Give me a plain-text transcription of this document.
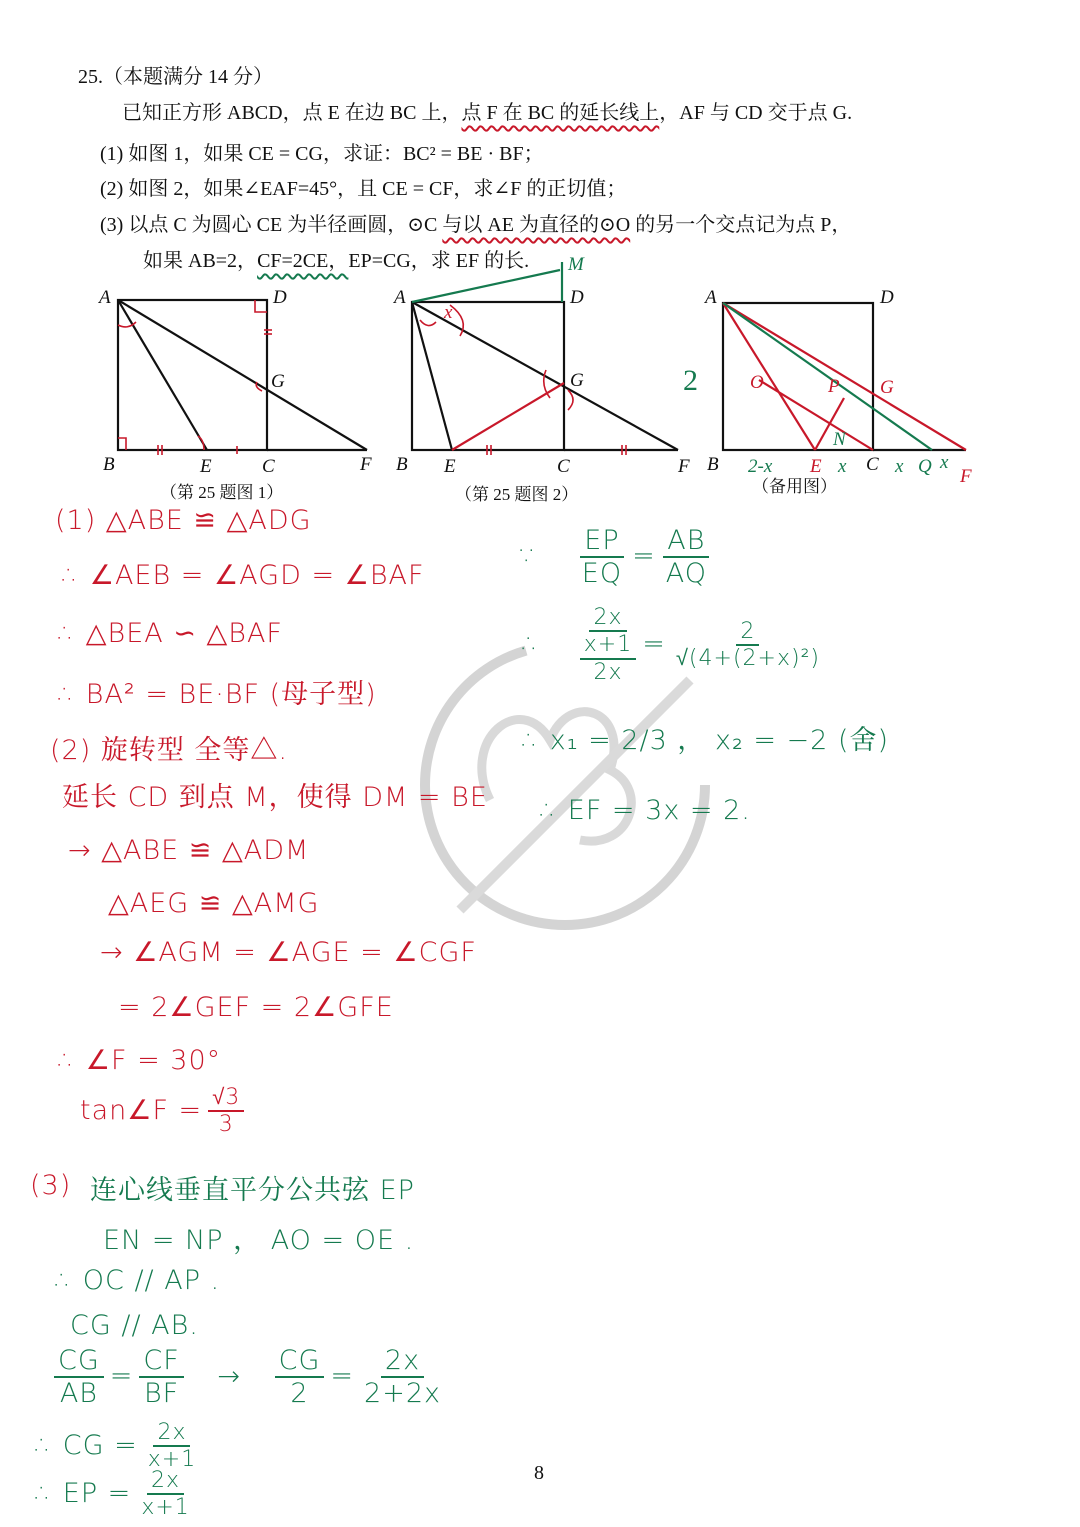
25.（本题满分 14 分）
已知正方形 ABCD，点 E 在边 BC 上，点 F 在 BC 的延长线上，AF 与 CD 交于点 G.
(1) 如图 1，如果 CE = CG，求证：BC² = BE · BF；
(2) 如图 2，如果∠EAF=45°，且 CE = CF，求∠F 的正切值；
(3) 以点 C 为圆心 CE 为半径画圆，⊙C 与以 AE 为直径的⊙O 的另一个交点记为点 P，
如果 AB=2，CF=2CE，EP=CG，求 EF 的长.
A	D
B	E	C	F
G
A	D
B E	C	F
G
M
x
A	D
B	C
E	F
G
O	P
N
Q
2
2-x	x	x x
（第 25 题图 1）	（第 25 题图 2）	（备用图）
(1) △ABE ≌ △ADG
∴ ∠AEB = ∠AGD = ∠BAF
∴ △BEA ∽ △BAF
∴ BA² = BE·BF (母子型)
(2) 旋转型 全等△.
延长 CD 到点 M，使得 DM = BE
→ △ABE ≌ △ADM
△AEG ≌ △AMG
→ ∠AGM = ∠AGE = ∠CGF
= 2∠GEF = 2∠GFE
∴ ∠F = 30°
tan∠F = $\frac{√3}{3}$
(3) 连心线垂直平分公共弦 EP
EN = NP ， AO = OE .
∴ OC // AP .
CG // AB.
$\frac{CG}{AB} = \frac{CF}{BF} \to \frac{CG}{2} = \frac{2x}{2+2x}$
∴ CG = $\frac{2x}{x+1}$
∴ EP = $\frac{2x}{x+1}$
∵ $\frac{EP}{EQ} = \frac{AB}{AQ}$
∴
2x
x+1
2x
= $\frac{2}{\text{√(4+(2+x)²)}}$
∴ x₁ = 2/3 ， x₂ = −2 (舍)
∴ EF = 3x = 2.
8
